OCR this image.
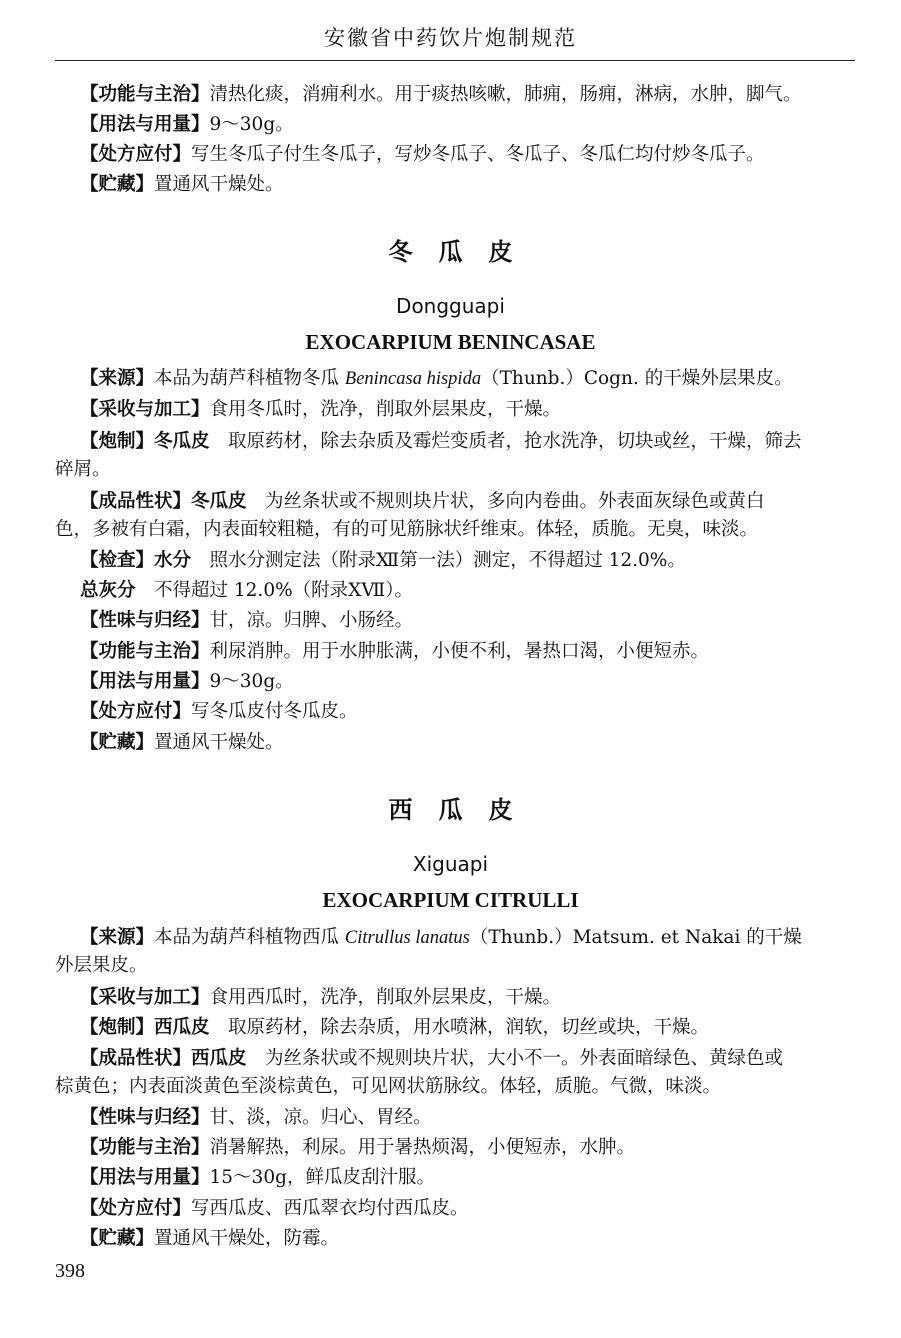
安徽省中药饮片炮制规范
【功能与主治】清热化痰，消痈利水。用于痰热咳嗽，肺痈，肠痈，淋病，水肿，脚气。
【用法与用量】9～30g。
【处方应付】写生冬瓜子付生冬瓜子，写炒冬瓜子、冬瓜子、冬瓜仁均付炒冬瓜子。
【贮藏】置通风干燥处。
冬瓜皮
Dongguapi
EXOCARPIUM BENINCASAE
【来源】本品为葫芦科植物冬瓜 Benincasa hispida（Thunb.）Cogn. 的干燥外层果皮。
【采收与加工】食用冬瓜时，洗净，削取外层果皮，干燥。
【炮制】冬瓜皮　取原药材，除去杂质及霉烂变质者，抢水洗净，切块或丝，干燥，筛去
碎屑。
【成品性状】冬瓜皮　为丝条状或不规则块片状，多向内卷曲。外表面灰绿色或黄白
色，多被有白霜，内表面较粗糙，有的可见筋脉状纤维束。体轻，质脆。无臭，味淡。
【检查】水分　照水分测定法（附录Ⅻ第一法）测定，不得超过 12.0%。
总灰分　不得超过 12.0%（附录ⅩⅦ）。
【性味与归经】甘，凉。归脾、小肠经。
【功能与主治】利尿消肿。用于水肿胀满，小便不利，暑热口渴，小便短赤。
【用法与用量】9～30g。
【处方应付】写冬瓜皮付冬瓜皮。
【贮藏】置通风干燥处。
西瓜皮
Xiguapi
EXOCARPIUM CITRULLI
【来源】本品为葫芦科植物西瓜 Citrullus lanatus（Thunb.）Matsum. et Nakai 的干燥
外层果皮。
【采收与加工】食用西瓜时，洗净，削取外层果皮，干燥。
【炮制】西瓜皮　取原药材，除去杂质，用水喷淋，润软，切丝或块，干燥。
【成品性状】西瓜皮　为丝条状或不规则块片状，大小不一。外表面暗绿色、黄绿色或
棕黄色；内表面淡黄色至淡棕黄色，可见网状筋脉纹。体轻，质脆。气微，味淡。
【性味与归经】甘、淡，凉。归心、胃经。
【功能与主治】消暑解热，利尿。用于暑热烦渴，小便短赤，水肿。
【用法与用量】15～30g，鲜瓜皮刮汁服。
【处方应付】写西瓜皮、西瓜翠衣均付西瓜皮。
【贮藏】置通风干燥处，防霉。
398
